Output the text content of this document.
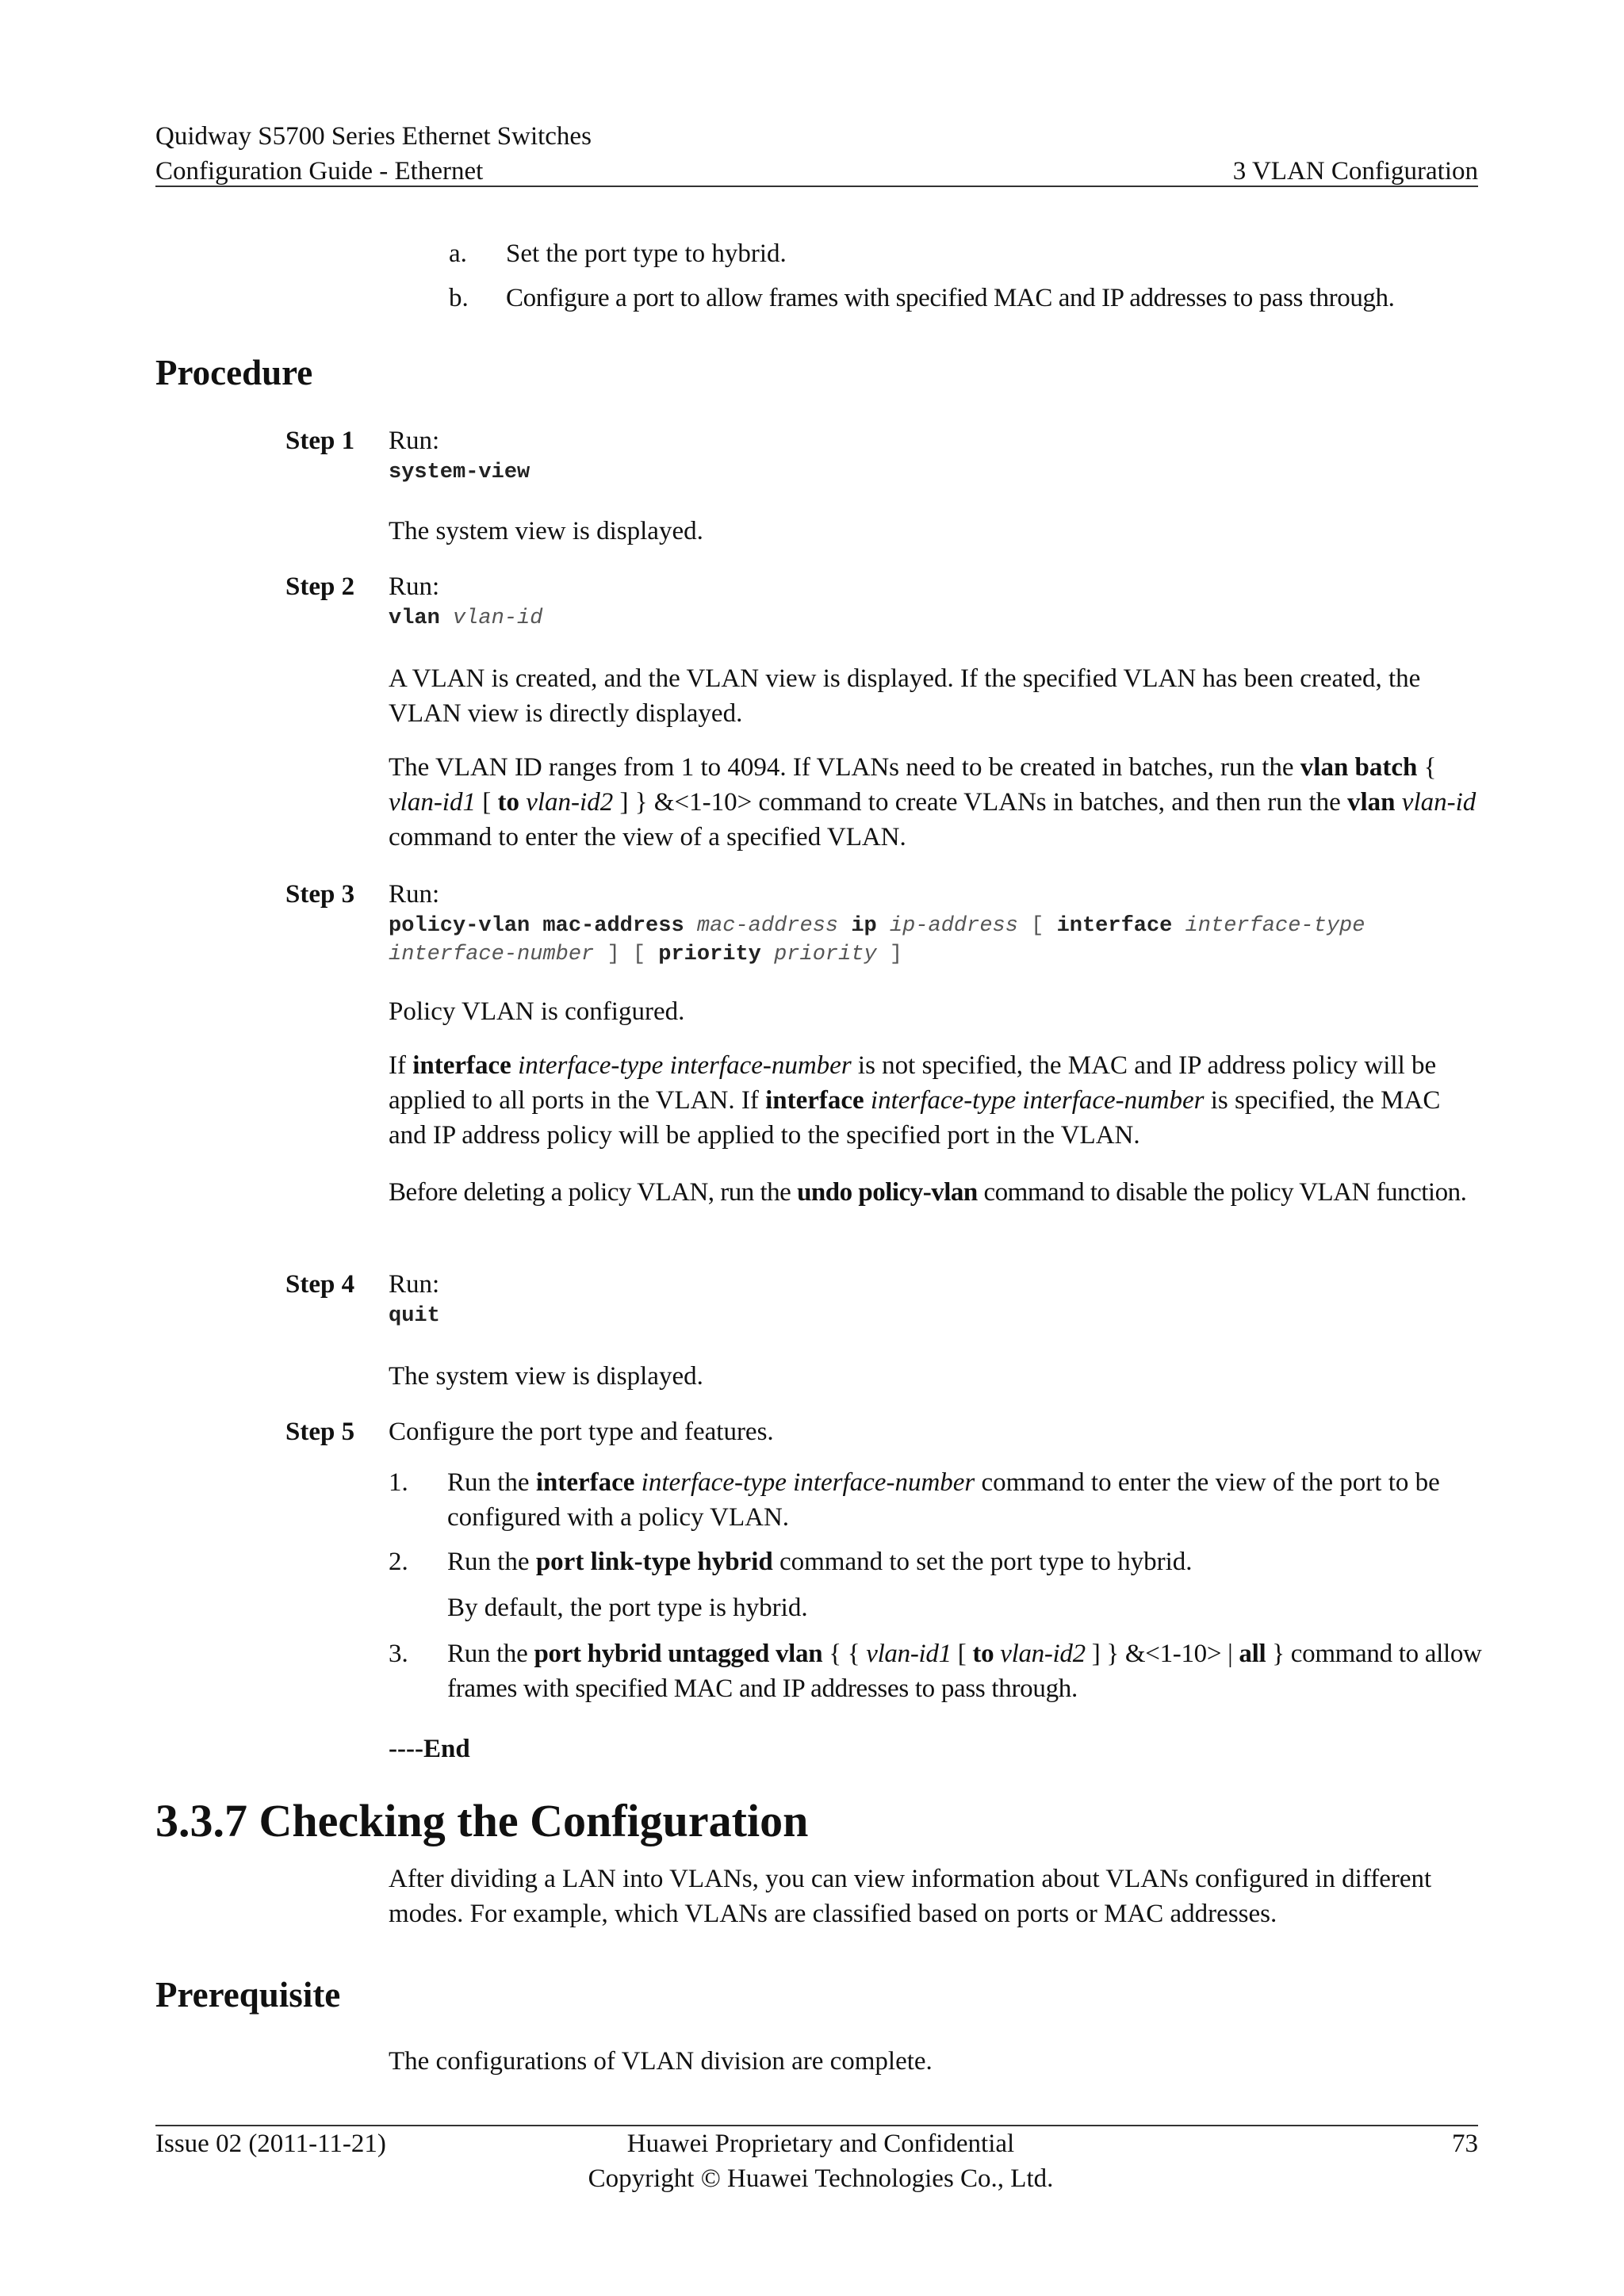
Quidway S5700 Series Ethernet Switches
Configuration Guide - Ethernet	3 VLAN Configuration
a. Set the port type to hybrid.
b. Configure a port to allow frames with specified MAC and IP addresses to pass through.
Procedure
Step 1 Run:
system-view
The system view is displayed.
Step 2 Run:
vlan vlan-id

A VLAN is created, and the VLAN view is displayed. If the specified VLAN has been created, the VLAN view is directly displayed.

The VLAN ID ranges from 1 to 4094. If VLANs need to be created in batches, run the vlan batch { vlan-id1 [ to vlan-id2 ] } &<1-10> command to create VLANs in batches, and then run the vlan vlan-id command to enter the view of a specified VLAN.

Step 3 Run:
policy-vlan mac-address mac-address ip ip-address [ interface interface-type
interface-number ] [ priority priority ]

Policy VLAN is configured.

If interface interface-type interface-number is not specified, the MAC and IP address policy will be applied to all ports in the VLAN. If interface interface-type interface-number is specified, the MAC and IP address policy will be applied to the specified port in the VLAN.

Before deleting a policy VLAN, run the undo policy-vlan command to disable the policy VLAN function.

Step 4 Run:
quit
The system view is displayed.
Step 5 Configure the port type and features.
1. Run the interface interface-type interface-number command to enter the view of the port to be configured with a policy VLAN.

2. Run the port link-type hybrid command to set the port type to hybrid.

By default, the port type is hybrid.

3. Run the port hybrid untagged vlan { { vlan-id1 [ to vlan-id2 ] } &<1-10> | all } command to allow frames with specified MAC and IP addresses to pass through.

----End
3.3.7 Checking the Configuration

After dividing a LAN into VLANs, you can view information about VLANs configured in different modes. For example, which VLANs are classified based on ports or MAC addresses.

Prerequisite
The configurations of VLAN division are complete.
Issue 02 (2011-11-21)	Huawei Proprietary and Confidential
Copyright © Huawei Technologies Co., Ltd.
73
